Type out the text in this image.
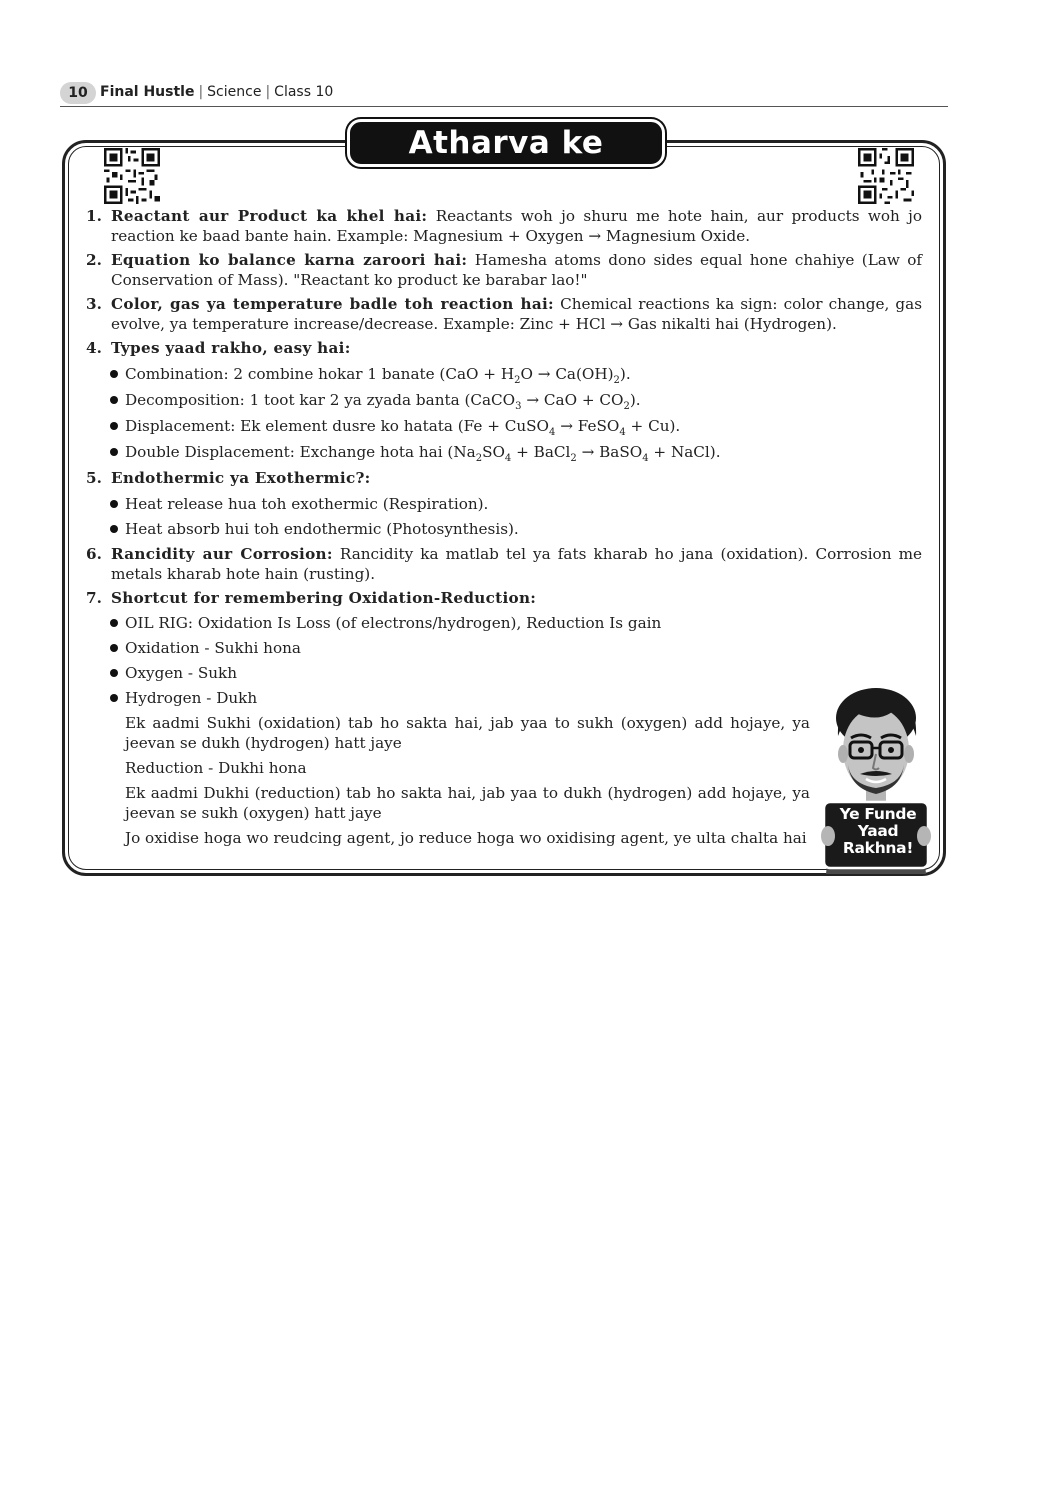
10 Final Hustle | Science | Class 10
Atharva ke Funde
1. Reactant aur Product ka khel hai: Reactants woh jo shuru me hote hain, aur products woh jo reaction ke baad bante hain. Example: Magnesium + Oxygen → Magnesium Oxide.
2. Equation ko balance karna zaroori hai: Hamesha atoms dono sides equal hone chahiye (Law of Conservation of Mass). "Reactant ko product ke barabar lao!"
3. Color, gas ya temperature badle toh reaction hai: Chemical reactions ka sign: color change, gas evolve, ya temperature increase/decrease. Example: Zinc + HCl → Gas nikalti hai (Hydrogen).
4. Types yaad rakho, easy hai:
Combination: 2 combine hokar 1 banate $(CaO + H_2O \to Ca(OH)_2)$.
Decomposition: 1 toot kar 2 ya zyada banta (CaCO$_3$ → CaO + $CO_2$).
Displacement: Ek element dusre ko hatata (Fe + CuSO$_4$ → FeSO$_4$ + Cu).
Double Displacement: Exchange hota hai ($Na_2SO_4$ + BaCl$_2$ → BaSO$_4$ + NaCl).
5. Endothermic ya Exothermic?:
Heat release hua toh exothermic (Respiration).
Heat absorb hui toh endothermic (Photosynthesis).
6. Rancidity aur Corrosion: Rancidity ka matlab tel ya fats kharab ho jana (oxidation). Corrosion me metals kharab hote hain (rusting).
7. Shortcut for remembering Oxidation-Reduction:
OIL RIG: Oxidation Is Loss (of electrons/hydrogen), Reduction Is gain
Oxidation - Sukhi hona
Oxygen - Sukh
Hydrogen - Dukh
Ek aadmi Sukhi (oxidation) tab ho sakta hai, jab yaa to sukh (oxygen) add hojaye, ya jeevan se dukh (hydrogen) hatt jaye
Reduction - Dukhi hona
Ek aadmi Dukhi (reduction) tab ho sakta hai, jab yaa to dukh (hydrogen) add hojaye, ya jeevan se sukh (oxygen) hatt jaye
Jo oxidise hoga wo reudcing agent, jo reduce hoga wo oxidising agent, ye ulta chalta hai
Ye Funde
Yaad
Rakhna!
